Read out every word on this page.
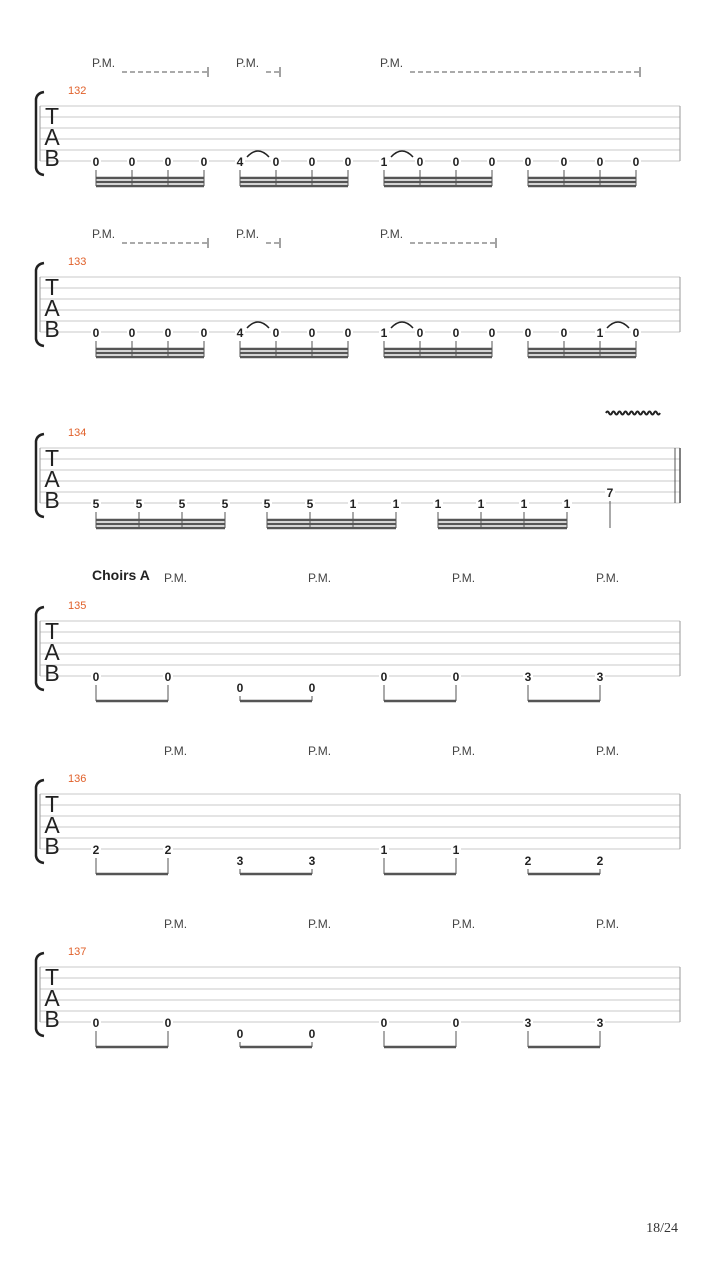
T
A
B
132
P.M.	P.M.	P.M.
0 0 0 0 4 0 0 0 1 0 0 0 0 0 0 0
T
A
B
133
P.M.	P.M.	P.M.
0 0 0 0 4 0 0 0 1 0 0 0 0 0 1 0
T
A
B
134
5	5	5	5	5	5	1	1	1	1	1	1
7
T
A
B
135
Choirs A P.M.	P.M.	P.M.	P.M.
0	0
0	0
0	0	3	3
T
A
B
136
P.M.	P.M.	P.M.	P.M.
2	2
3	3
1	1
2	2
T
A
B
137
P.M.	P.M.	P.M.	P.M.
0	0
0	0
0	0	3	3
18/24
